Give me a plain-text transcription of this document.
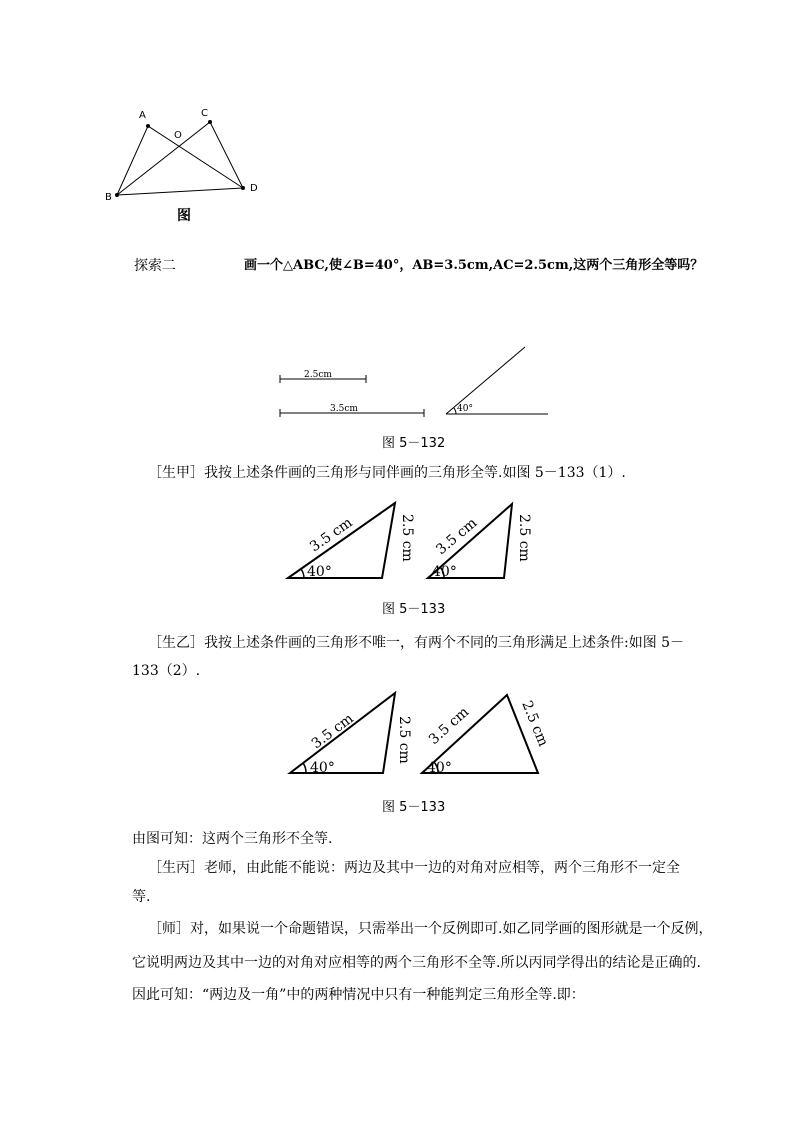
A	C
O
B
D
图
探索二	画一个△ABC,使∠B=40°，AB=3.5cm,AC=2.5cm,这两个三角形全等吗？
2.5cm
3.5cm	40°
图 5－132
［生甲］我按上述条件画的三角形与同伴画的三角形全等.如图 5－133（1）.
40°
3.5 cm	2.5 cm
40°
3.5 cm	2.5 cm
图 5－133
［生乙］我按上述条件画的三角形不唯一，有两个不同的三角形满足上述条件:如图 5－
133（2）.
40°
3.5 cm	2.5 cm
40°
3.5 cm	2.5 cm
图 5－133
由图可知：这两个三角形不全等.
［生丙］老师，由此能不能说：两边及其中一边的对角对应相等，两个三角形不一定全
等.
［师］对，如果说一个命题错误，只需举出一个反例即可.如乙同学画的图形就是一个反例，
它说明两边及其中一边的对角对应相等的两个三角形不全等.所以丙同学得出的结论是正确的.
因此可知：“两边及一角”中的两种情况中只有一种能判定三角形全等.即：
